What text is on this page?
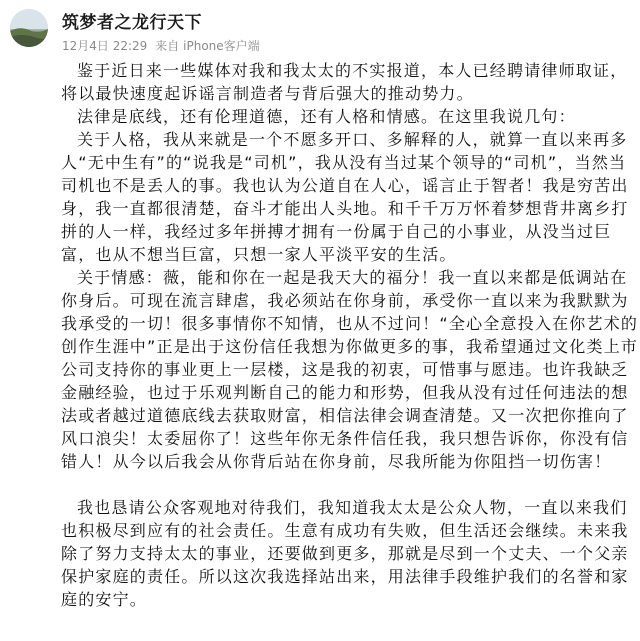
筑梦者之龙行天下
12月4日 22:29 来自 iPhone客户端

鉴于近日来一些媒体对我和我太太的不实报道，本人已经聘请律师取证，将以最快速度起诉谣言制造者与背后强大的推动势力。

法律是底线，还有伦理道德，还有人格和情感。在这里我说几句：

关于人格，我从来就是一个不愿多开口、多解释的人，就算一直以来再多人“无中生有”的“说我是“司机”，我从没有当过某个领导的“司机”，当然当司机也不是丢人的事。我也认为公道自在人心，谣言止于智者！我是穷苦出身，我一直都很清楚，奋斗才能出人头地。和千千万万怀着梦想背井离乡打拼的人一样，我经过多年拼搏才拥有一份属于自己的小事业，从没当过巨富，也从不想当巨富，只想一家人平淡平安的生活。

关于情感：薇，能和你在一起是我天大的福分！我一直以来都是低调站在你身后。可现在流言肆虐，我必须站在你身前，承受你一直以来为我默默为我承受的一切！很多事情你不知情，也从不过问！“全心全意投入在你艺术的创作生涯中”正是出于这份信任我想为你做更多的事，我希望通过文化类上市公司支持你的事业更上一层楼，这是我的初衷，可惜事与愿违。也许我缺乏金融经验，也过于乐观判断自己的能力和形势，但我从没有过任何违法的想法或者越过道德底线去获取财富，相信法律会调查清楚。又一次把你推向了风口浪尖！太委屈你了！这些年你无条件信任我，我只想告诉你，你没有信错人！从今以后我会从你背后站在你身前，尽我所能为你阻挡一切伤害！

我也恳请公众客观地对待我们，我知道我太太是公众人物，一直以来我们也积极尽到应有的社会责任。生意有成功有失败，但生活还会继续。未来我除了努力支持太太的事业，还要做到更多，那就是尽到一个丈夫、一个父亲保护家庭的责任。所以这次我选择站出来，用法律手段维护我们的名誉和家庭的安宁。
